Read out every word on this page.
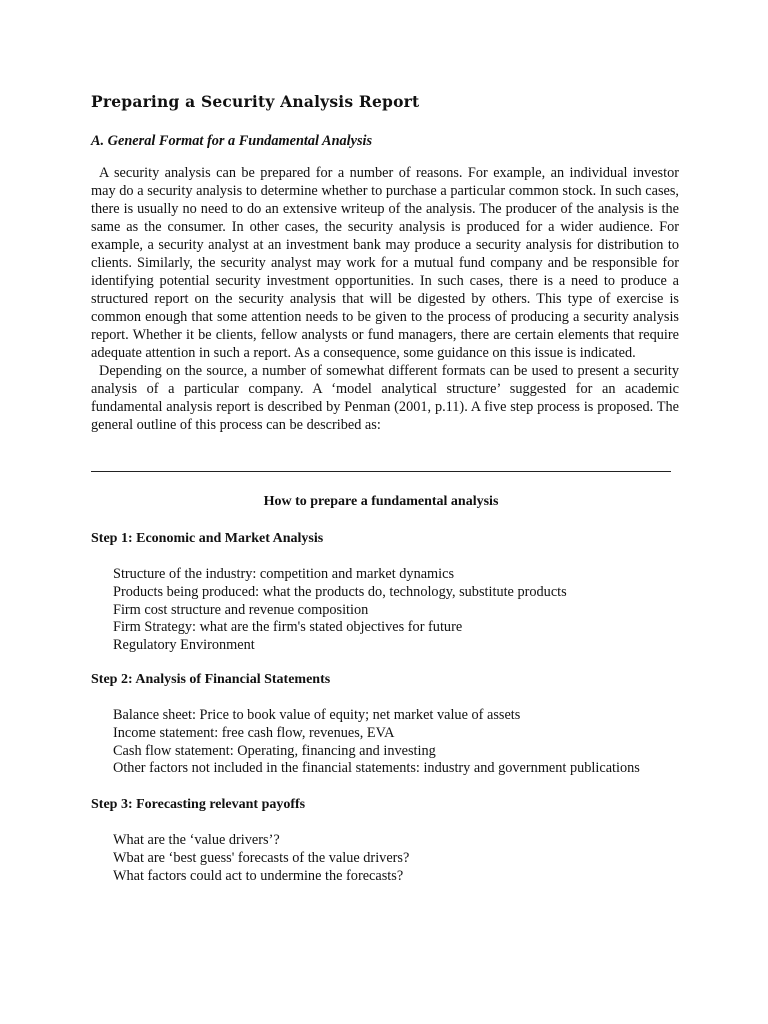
Preparing a Security Analysis Report
A. General Format for a Fundamental Analysis

A security analysis can be prepared for a number of reasons. For example, an individual investor may do a security analysis to determine whether to purchase a particular common stock. In such cases, there is usually no need to do an extensive writeup of the analysis. The producer of the analysis is the same as the consumer. In other cases, the security analysis is produced for a wider audience. For example, a security analyst at an investment bank may produce a security analysis for distribution to clients. Similarly, the security analyst may work for a mutual fund company and be responsible for identifying potential security investment opportunities. In such cases, there is a need to produce a structured report on the security analysis that will be digested by others. This type of exercise is common enough that some attention needs to be given to the process of producing a security analysis report. Whether it be clients, fellow analysts or fund managers, there are certain elements that require adequate attention in such a report. As a consequence, some guidance on this issue is indicated.

Depending on the source, a number of somewhat different formats can be used to present a security analysis of a particular company. A ‘model analytical structure’ suggested for an academic fundamental analysis report is described by Penman (2001, p.11). A five step process is proposed. The general outline of this process can be described as:

How to prepare a fundamental analysis
Step 1: Economic and Market Analysis
Structure of the industry: competition and market dynamics
Products being produced: what the products do, technology, substitute products
Firm cost structure and revenue composition
Firm Strategy: what are the firm's stated objectives for future
Regulatory Environment
Step 2: Analysis of Financial Statements
Balance sheet: Price to book value of equity; net market value of assets
Income statement: free cash flow, revenues, EVA
Cash flow statement: Operating, financing and investing
Other factors not included in the financial statements: industry and government publications
Step 3: Forecasting relevant payoffs
What are the ‘value drivers’?
Wbat are ‘best guess' forecasts of the value drivers?
What factors could act to undermine the forecasts?
